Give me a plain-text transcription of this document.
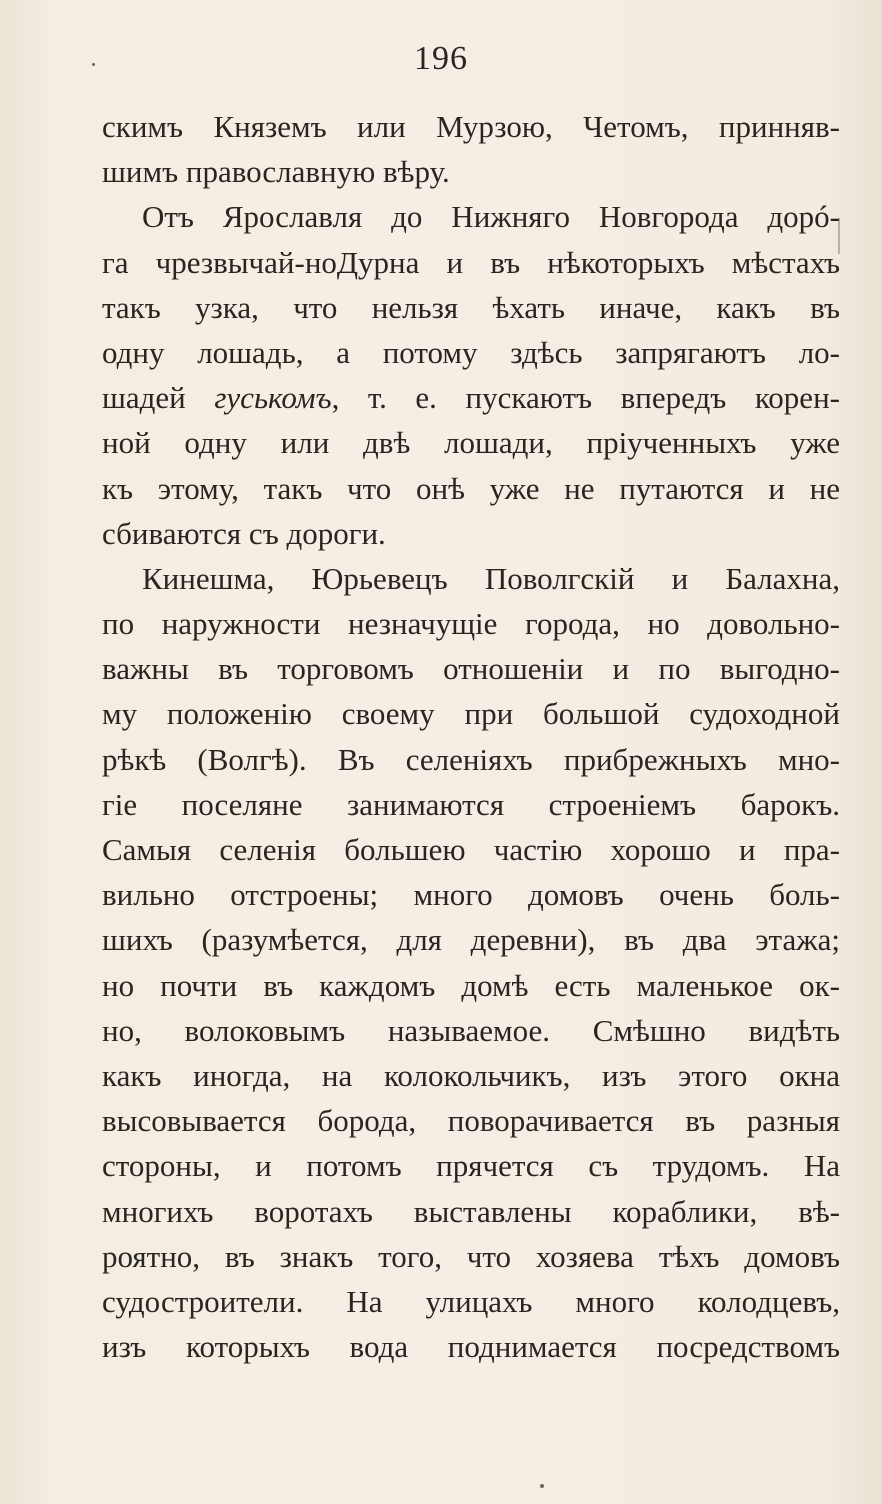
196
скимъ Княземъ или Мурзою, Четомъ, принняв-
шимъ православную вѣру.
Отъ Ярославля до Нижняго Новгорода дорó-
га чрезвычай-ноДурна и въ нѣкоторыхъ мѣстахъ
такъ узка, что нельзя ѣхать иначе, какъ въ
одну лошадь, а потому здѣсь запрягаютъ ло-
шадей гуськомъ, т. е. пускаютъ впередъ корен-
ной одну или двѣ лошади, пріученныхъ уже
къ этому, такъ что онѣ уже не путаются и не
сбиваются съ дороги.
Кинешма, Юрьевецъ Поволгскій и Балахна,
по наружности незначущіе города, но довольно-
важны въ торговомъ отношеніи и по выгодно-
му положенію своему при большой судоходной
рѣкѣ (Волгѣ). Въ селеніяхъ прибрежныхъ мно-
гіе поселяне занимаются строеніемъ барокъ.
Самыя селенія большею частію хорошо и пра-
вильно отстроены; много домовъ очень боль-
шихъ (разумѣется, для деревни), въ два этажа;
но почти въ каждомъ домѣ есть маленькое ок-
но, волоковымъ называемое. Смѣшно видѣть
какъ иногда, на колокольчикъ, изъ этого окна
высовывается борода, поворачивается въ разныя
стороны, и потомъ прячется съ трудомъ. На
многихъ воротахъ выставлены кораблики, вѣ-
роятно, въ знакъ того, что хозяева тѣхъ домовъ
судостроители. На улицахъ много колодцевъ,
изъ которыхъ вода поднимается посредствомъ
